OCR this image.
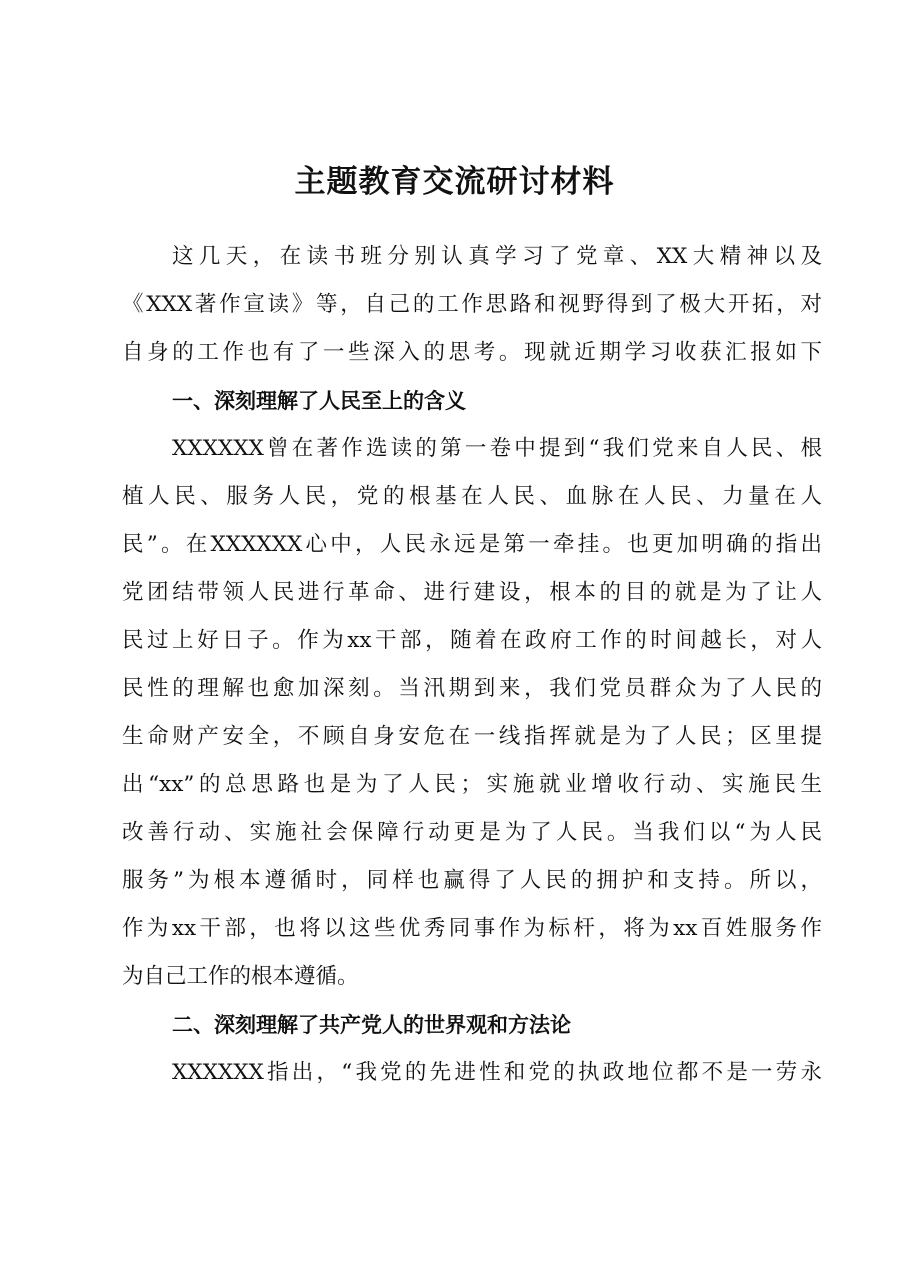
主题教育交流研讨材料
这几天，在读书班分别认真学习了党章、XX大精神以及
《XXX著作宣读》等，自己的工作思路和视野得到了极大开拓，对
自身的工作也有了一些深入的思考。现就近期学习收获汇报如下
一、深刻理解了人民至上的含义
XXXXXX曾在著作选读的第一卷中提到“我们党来自人民、根
植人民、服务人民，党的根基在人民、血脉在人民、力量在人
民”。在XXXXXX心中，人民永远是第一牵挂。也更加明确的指出
党团结带领人民进行革命、进行建设，根本的目的就是为了让人
民过上好日子。作为xx干部，随着在政府工作的时间越长，对人
民性的理解也愈加深刻。当汛期到来，我们党员群众为了人民的
生命财产安全，不顾自身安危在一线指挥就是为了人民；区里提
出“xx”的总思路也是为了人民；实施就业增收行动、实施民生
改善行动、实施社会保障行动更是为了人民。当我们以“为人民
服务”为根本遵循时，同样也赢得了人民的拥护和支持。所以，
作为xx干部，也将以这些优秀同事作为标杆，将为xx百姓服务作
为自己工作的根本遵循。
二、深刻理解了共产党人的世界观和方法论
XXXXXX指出，“我党的先进性和党的执政地位都不是一劳永
